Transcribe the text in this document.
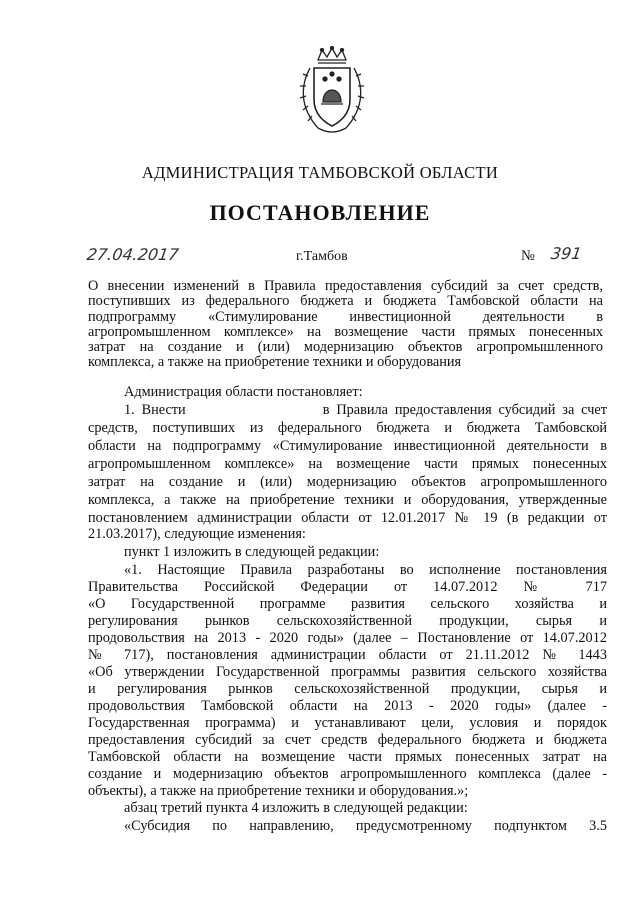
АДМИНИСТРАЦИЯ ТАМБОВСКОЙ ОБЛАСТИ
ПОСТАНОВЛЕНИЕ
27.04.2017	г.Тамбов	№ 391
О внесении изменений в Правила предоставления субсидий за счет средств,
поступивших из федерального бюджета и бюджета Тамбовской области на
подпрограмму «Стимулирование инвестиционной деятельности в
агропромышленном комплексе» на возмещение части прямых понесенных
затрат на создание и (или) модернизацию объектов агропромышленного
комплекса, а также на приобретение техники и оборудования
Администрация области постановляет:
1. Внести                    в Правила предоставления субсидий за счет
средств, поступивших из федерального бюджета и бюджета Тамбовской
области на подпрограмму «Стимулирование инвестиционной деятельности в
агропромышленном комплексе» на возмещение части прямых понесенных
затрат на создание и (или) модернизацию объектов агропромышленного
комплекса, а также на приобретение техники и оборудования, утвержденные
постановлением администрации области от 12.01.2017 № 19 (в редакции от
21.03.2017), следующие изменения:
пункт 1 изложить в следующей редакции:
«1. Настоящие Правила разработаны во исполнение постановления
Правительства Российской Федерации от 14.07.2012 № 717
«О Государственной программе развития сельского хозяйства и
регулирования рынков сельскохозяйственной продукции, сырья и
продовольствия на 2013 - 2020 годы» (далее – Постановление от 14.07.2012
№ 717), постановления администрации области от 21.11.2012 № 1443
«Об утверждении Государственной программы развития сельского хозяйства
и регулирования рынков сельскохозяйственной продукции, сырья и
продовольствия Тамбовской области на 2013 - 2020 годы» (далее -
Государственная программа) и устанавливают цели, условия и порядок
предоставления субсидий за счет средств федерального бюджета и бюджета
Тамбовской области на возмещение части прямых понесенных затрат на
создание и модернизацию объектов агропромышленного комплекса (далее -
объекты), а также на приобретение техники и оборудования.»;
абзац третий пункта 4 изложить в следующей редакции:
«Субсидия по направлению, предусмотренному подпунктом 3.5
